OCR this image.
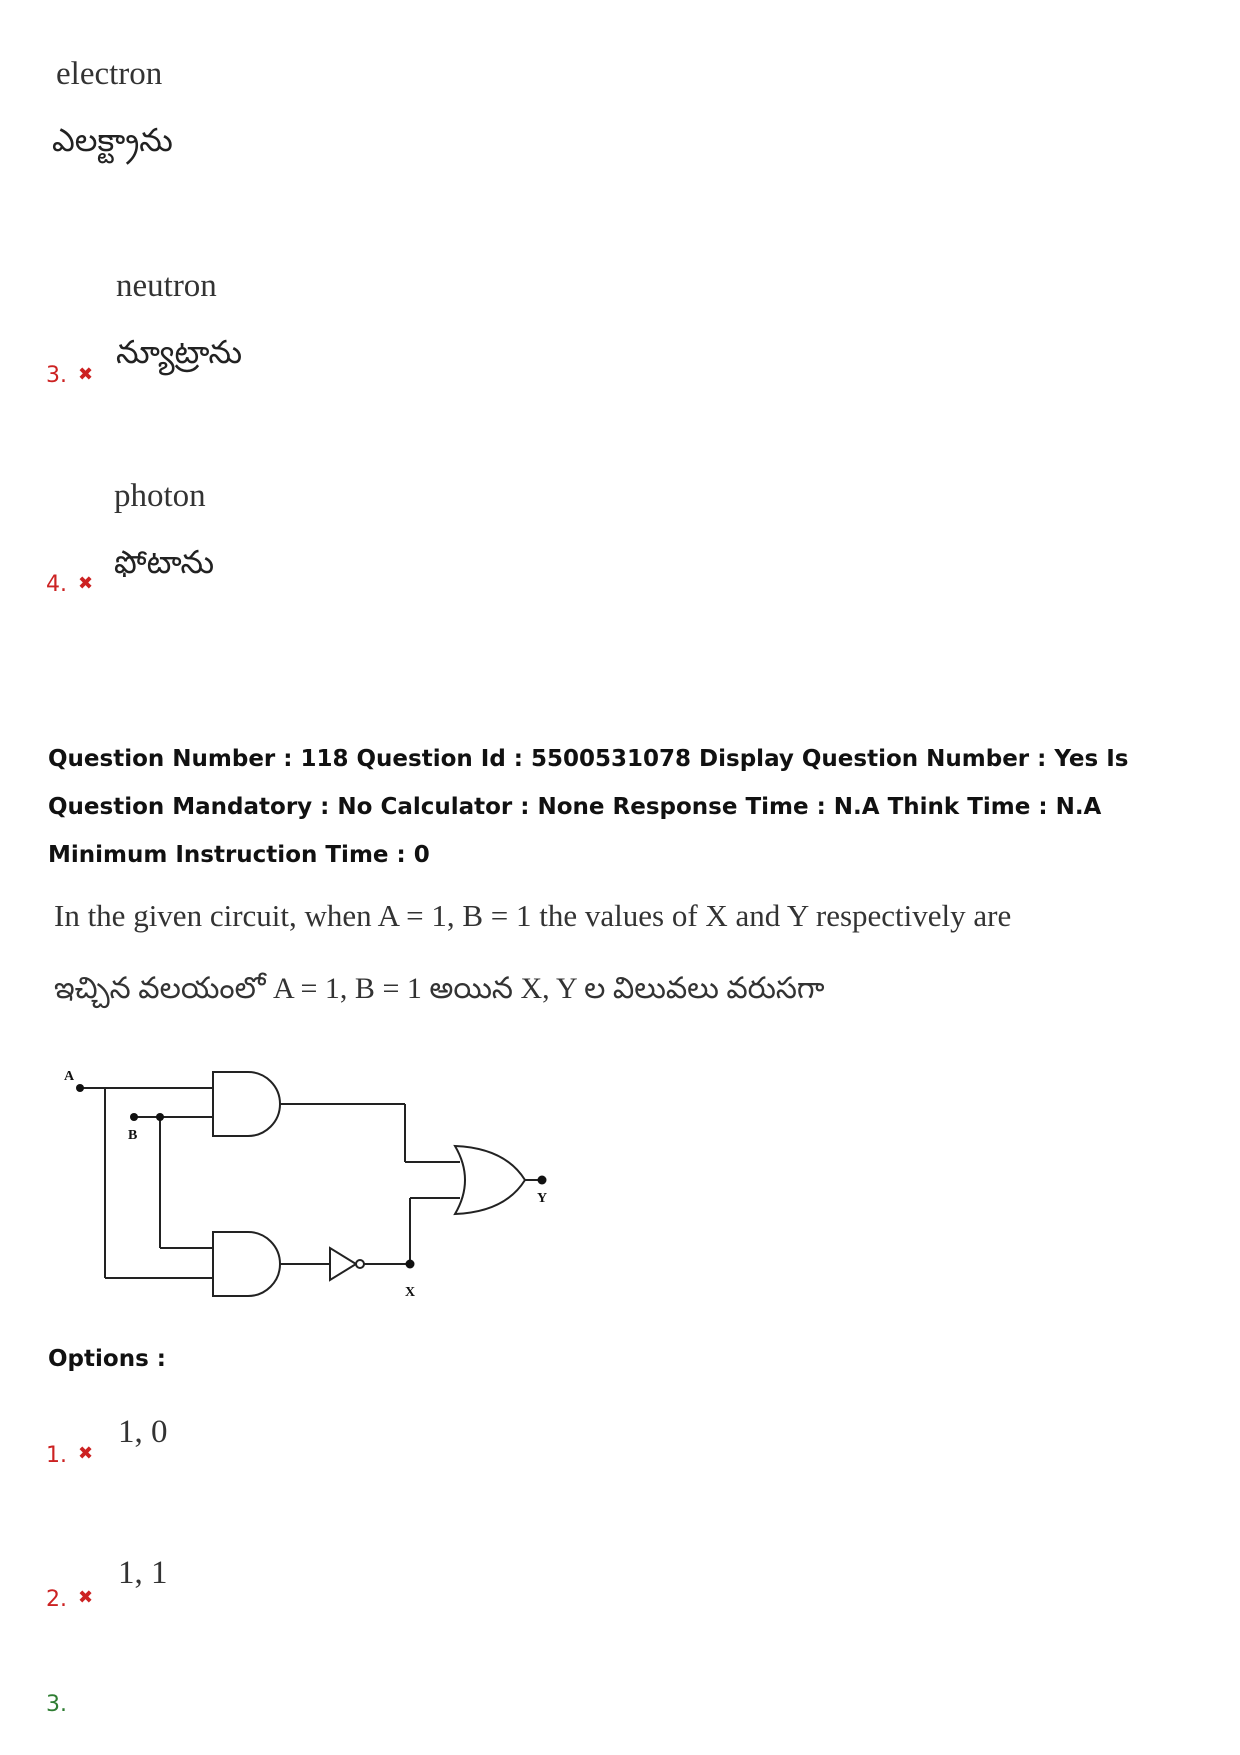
electron
ఎలక్ట్రాను
neutron
3. ✖
న్యూట్రాను
photon
4. ✖
ఫోటాను
Question Number : 118 Question Id : 5500531078 Display Question Number : Yes Is Question Mandatory : No Calculator : None Response Time : N.A Think Time : N.A Minimum Instruction Time : 0
In the given circuit, when A = 1, B = 1 the values of X and Y respectively are
ఇచ్చిన వలయంలో A = 1, B = 1 అయిన X, Y ల విలువలు వరుసగా
A
B
X
Y
Options :
1. ✖
1, 0
2. ✖
1, 1
3.
